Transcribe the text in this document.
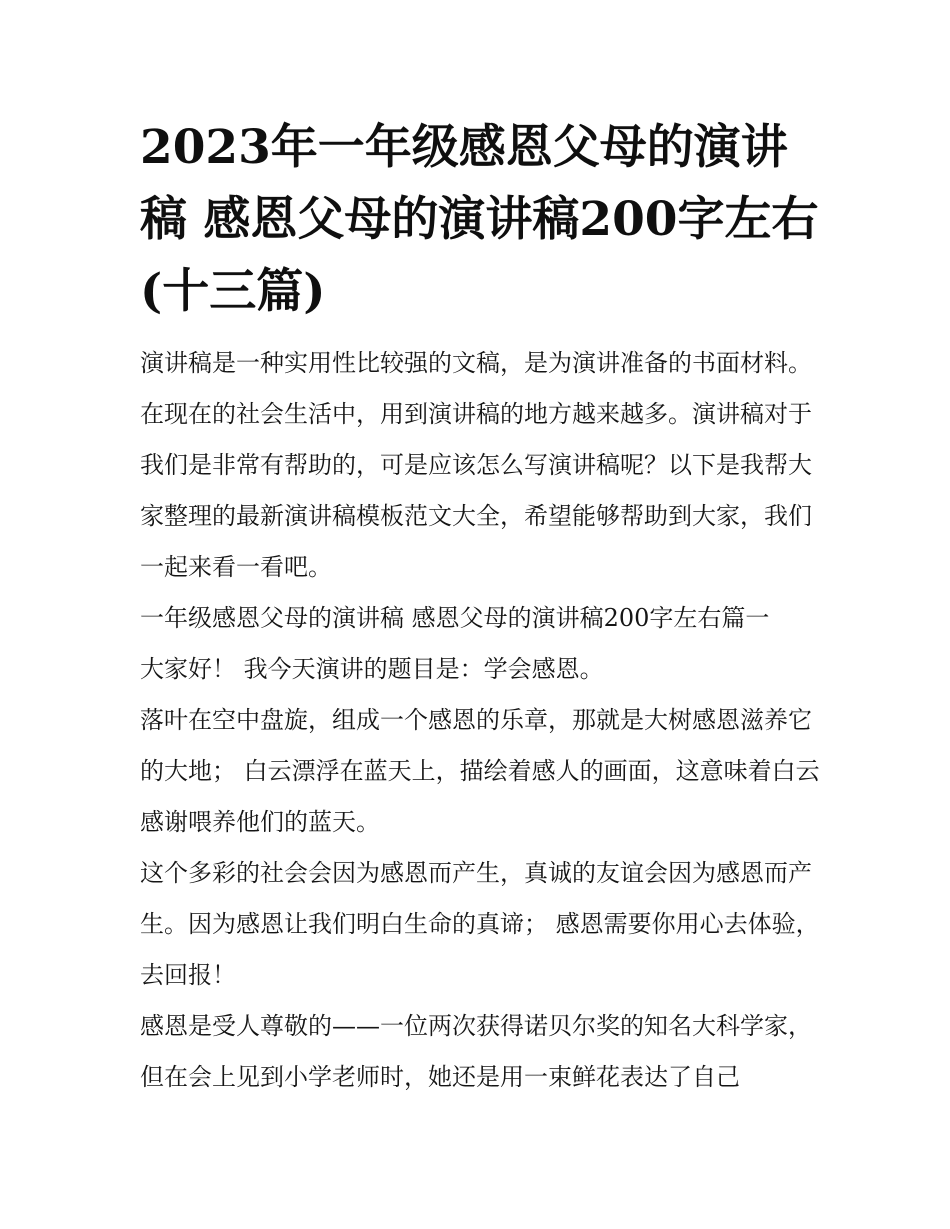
2023年一年级感恩父母的演讲稿 感恩父母的演讲稿200字左右(十三篇)

演讲稿是一种实用性比较强的文稿，是为演讲准备的书面材料。在现在的社会生活中，用到演讲稿的地方越来越多。演讲稿对于我们是非常有帮助的，可是应该怎么写演讲稿呢？以下是我帮大家整理的最新演讲稿模板范文大全，希望能够帮助到大家，我们一起来看一看吧。

一年级感恩父母的演讲稿 感恩父母的演讲稿200字左右篇一

大家好！ 我今天演讲的题目是：学会感恩。

落叶在空中盘旋，组成一个感恩的乐章，那就是大树感恩滋养它的大地； 白云漂浮在蓝天上，描绘着感人的画面，这意味着白云感谢喂养他们的蓝天。

这个多彩的社会会因为感恩而产生，真诚的友谊会因为感恩而产生。因为感恩让我们明白生命的真谛； 感恩需要你用心去体验，去回报！

感恩是受人尊敬的——一位两次获得诺贝尔奖的知名大科学家，但在会上见到小学老师时，她还是用一束鲜花表达了自己
